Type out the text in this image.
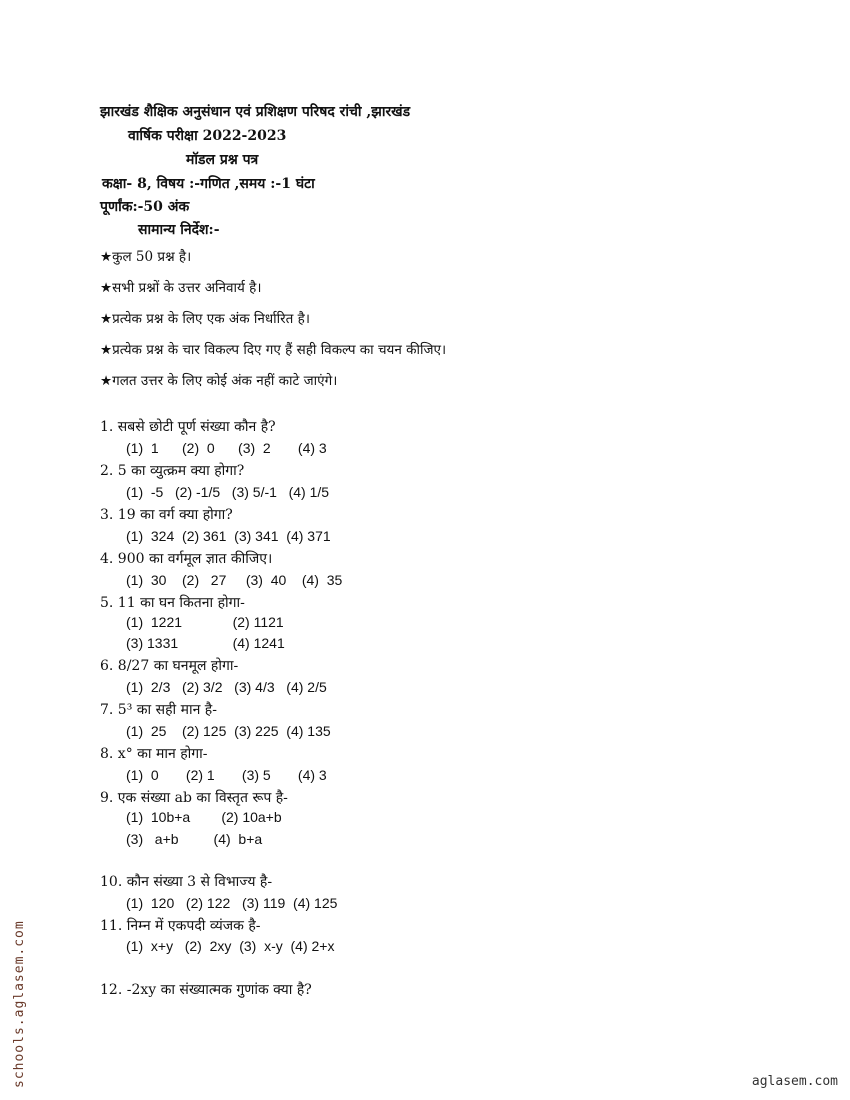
झारखंड शैक्षिक अनुसंधान एवं प्रशिक्षण परिषद रांची ,झारखंड
वार्षिक परीक्षा 2022-2023
मॉडल प्रश्न पत्र
कक्षा- 8, विषय :-गणित ,समय :-1 घंटा
पूर्णांक:-50 अंक
सामान्य निर्देश:-
★कुल 50 प्रश्न है।
★सभी प्रश्नों के उत्तर अनिवार्य है।
★प्रत्येक प्रश्न के लिए एक अंक निर्धारित है।
★प्रत्येक प्रश्न के चार विकल्प दिए गए हैं सही विकल्प का चयन कीजिए।
★गलत उत्तर के लिए कोई अंक नहीं काटे जाएंगे।
1. सबसे छोटी पूर्ण संख्या कौन है?
(1)  1      (2)  0      (3)  2       (4) 3
2. 5 का व्युत्क्रम क्या होगा?
(1)  -5   (2) -1/5   (3) 5/-1   (4) 1/5
3. 19 का वर्ग क्या होगा?
(1)  324  (2) 361  (3) 341  (4) 371
4. 900 का वर्गमूल ज्ञात कीजिए।
(1)  30    (2)   27     (3)  40    (4)  35
5. 11 का घन कितना होगा-
(1)  1221             (2) 1121
(3) 1331              (4) 1241
6. 8/27 का घनमूल होगा-
(1)  2/3   (2) 3/2   (3) 4/3   (4) 2/5
7. 5³ का सही मान है-
(1)  25    (2) 125  (3) 225  (4) 135
8. x° का मान होगा-
(1)  0       (2) 1       (3) 5       (4) 3
9. एक संख्या ab का विस्तृत रूप है-
(1)  10b+a        (2) 10a+b
(3)   a+b         (4)  b+a
10. कौन संख्या 3 से विभाज्य है-
(1)  120   (2) 122   (3) 119  (4) 125
11. निम्न में एकपदी व्यंजक है-
(1)  x+y   (2)  2xy  (3)  x-y  (4) 2+x
12. -2xy का संख्यात्मक गुणांक क्या है?
schools.aglasem.com	aglasem.com
